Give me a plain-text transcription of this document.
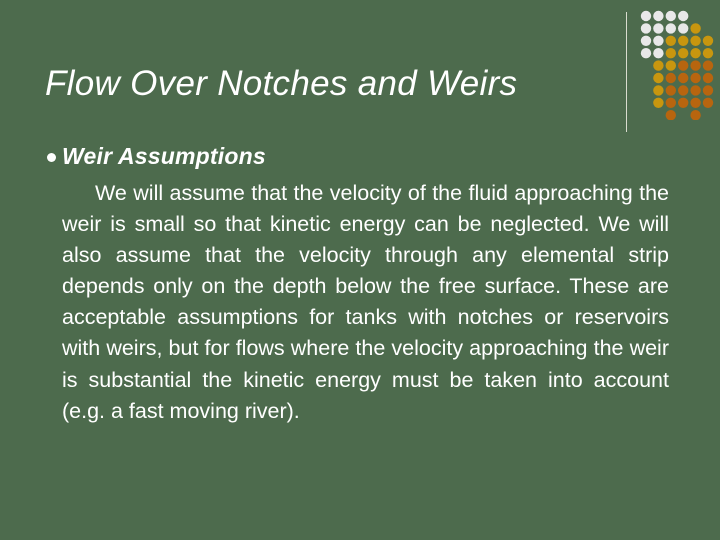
Flow Over Notches and Weirs
Weir Assumptions

We will assume that the velocity of the fluid approaching the weir is small so that kinetic energy can be neglected. We will also assume that the velocity through any elemental strip depends only on the depth below the free surface. These are acceptable assumptions for tanks with notches or reservoirs with weirs, but for flows where the velocity approaching the weir is substantial the kinetic energy must be taken into account (e.g. a fast moving river).
